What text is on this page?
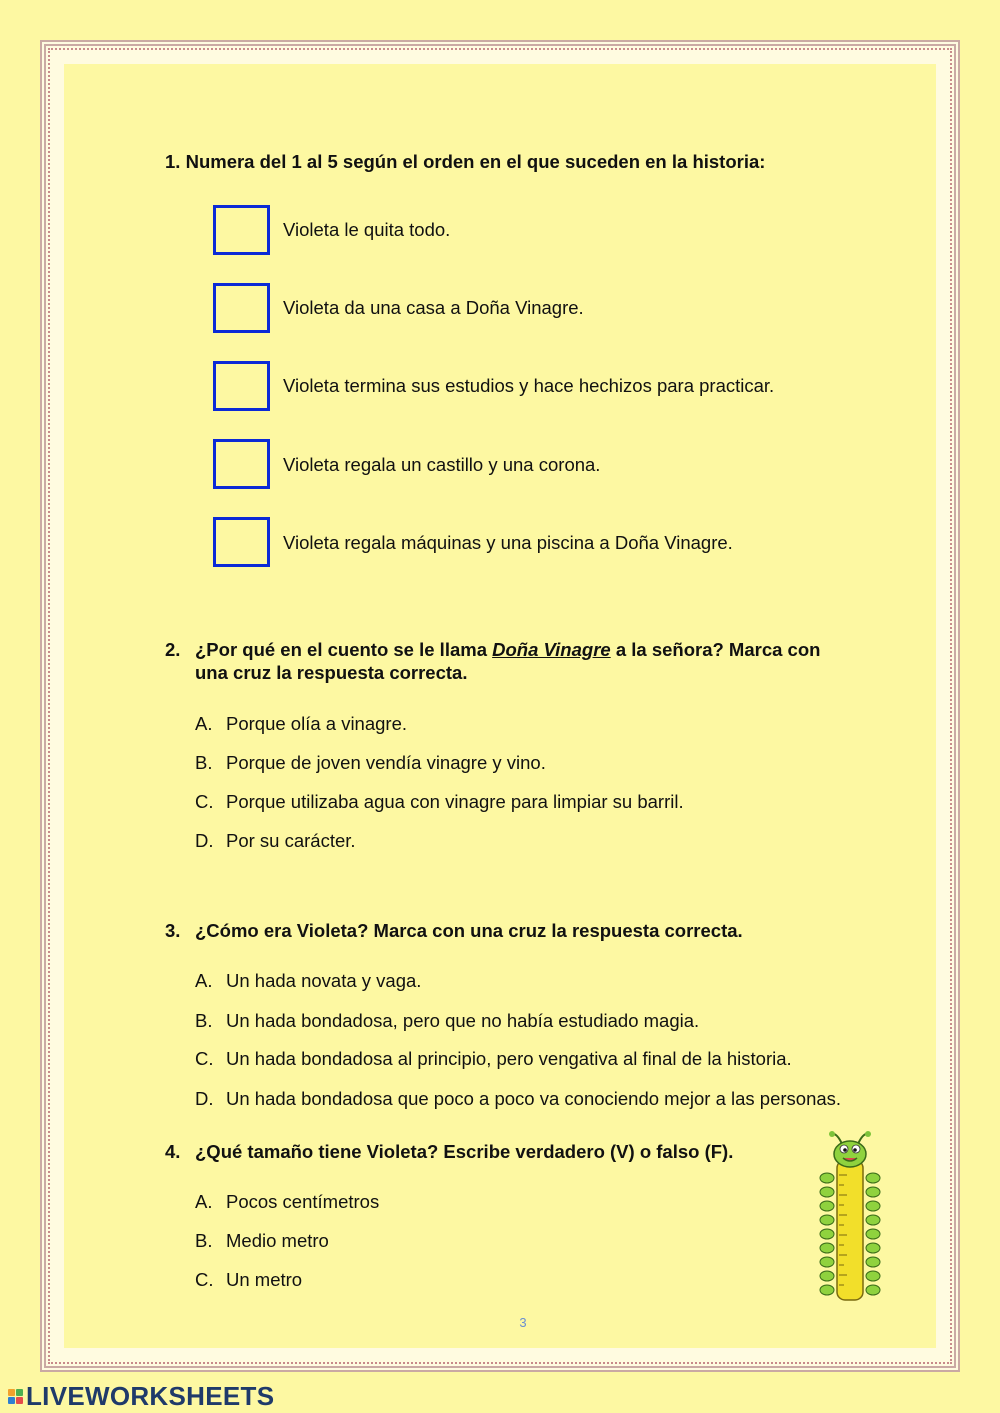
1. Numera del 1 al 5 según el orden en el que suceden en la historia:
Violeta le quita todo.
Violeta da una casa a Doña Vinagre.
Violeta termina sus estudios y hace hechizos para practicar.
Violeta regala un castillo y una corona.
Violeta regala máquinas y una piscina a Doña Vinagre.
2. ¿Por qué en el cuento se le llama Doña Vinagre a la señora? Marca con
una cruz la respuesta correcta.
A. Porque olía a vinagre.
B. Porque de joven vendía vinagre y vino.
C. Porque utilizaba agua con vinagre para limpiar su barril.
D. Por su carácter.
3. ¿Cómo era Violeta? Marca con una cruz la respuesta correcta.
A. Un hada novata y vaga.
B. Un hada bondadosa, pero que no había estudiado magia.
C. Un hada bondadosa al principio, pero vengativa al final de la historia.
D. Un hada bondadosa que poco a poco va conociendo mejor a las personas.
4. ¿Qué tamaño tiene Violeta? Escribe verdadero (V) o falso (F).
A. Pocos centímetros
B. Medio metro
C. Un metro
3
LIVEWORKSHEETS
